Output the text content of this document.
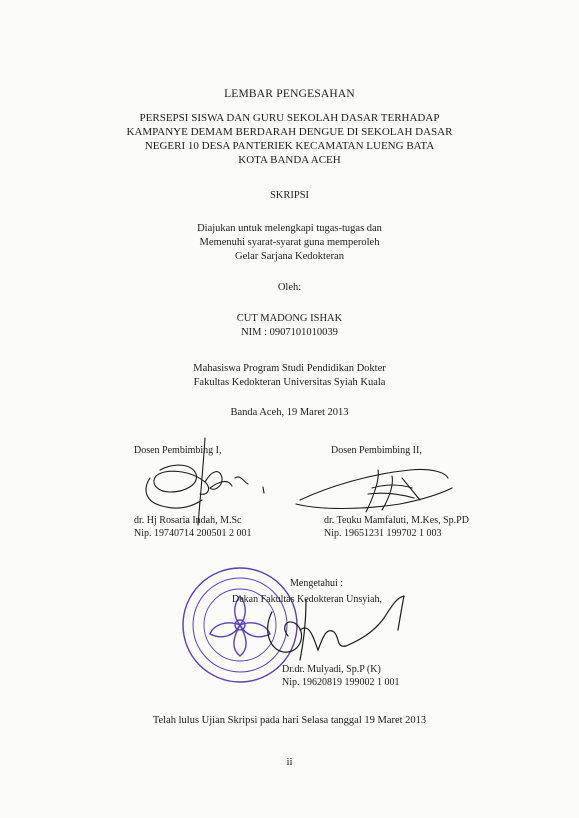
LEMBAR PENGESAHAN
PERSEPSI SISWA DAN GURU SEKOLAH DASAR TERHADAP
KAMPANYE DEMAM BERDARAH DENGUE DI SEKOLAH DASAR
NEGERI 10 DESA PANTERIEK KECAMATAN LUENG BATA
KOTA BANDA ACEH
SKRIPSI
Diajukan untuk melengkapi tugas-tugas dan
Memenuhi syarat-syarat guna memperoleh
Gelar Sarjana Kedokteran
Oleh:
CUT MADONG ISHAK
NIM : 0907101010039
Mahasiswa Program Studi Pendidikan Dokter
Fakultas Kedokteran Universitas Syiah Kuala
Banda Aceh, 19 Maret 2013
Dosen Pembimbing I,	Dosen Pembimbing II,
dr. Hj Rosaria Indah, M.Sc
Nip. 19740714 200501 2 001
dr. Teuku Mamfaluti, M.Kes, Sp.PD
Nip. 19651231 199702 1 003
Mengetahui :
Dekan Fakultas Kedokteran Unsyiah,
Dr.dr. Mulyadi, Sp.P (K)
Nip. 19620819 199002 1 001
Telah lulus Ujian Skripsi pada hari Selasa tanggal 19 Maret 2013
ii
